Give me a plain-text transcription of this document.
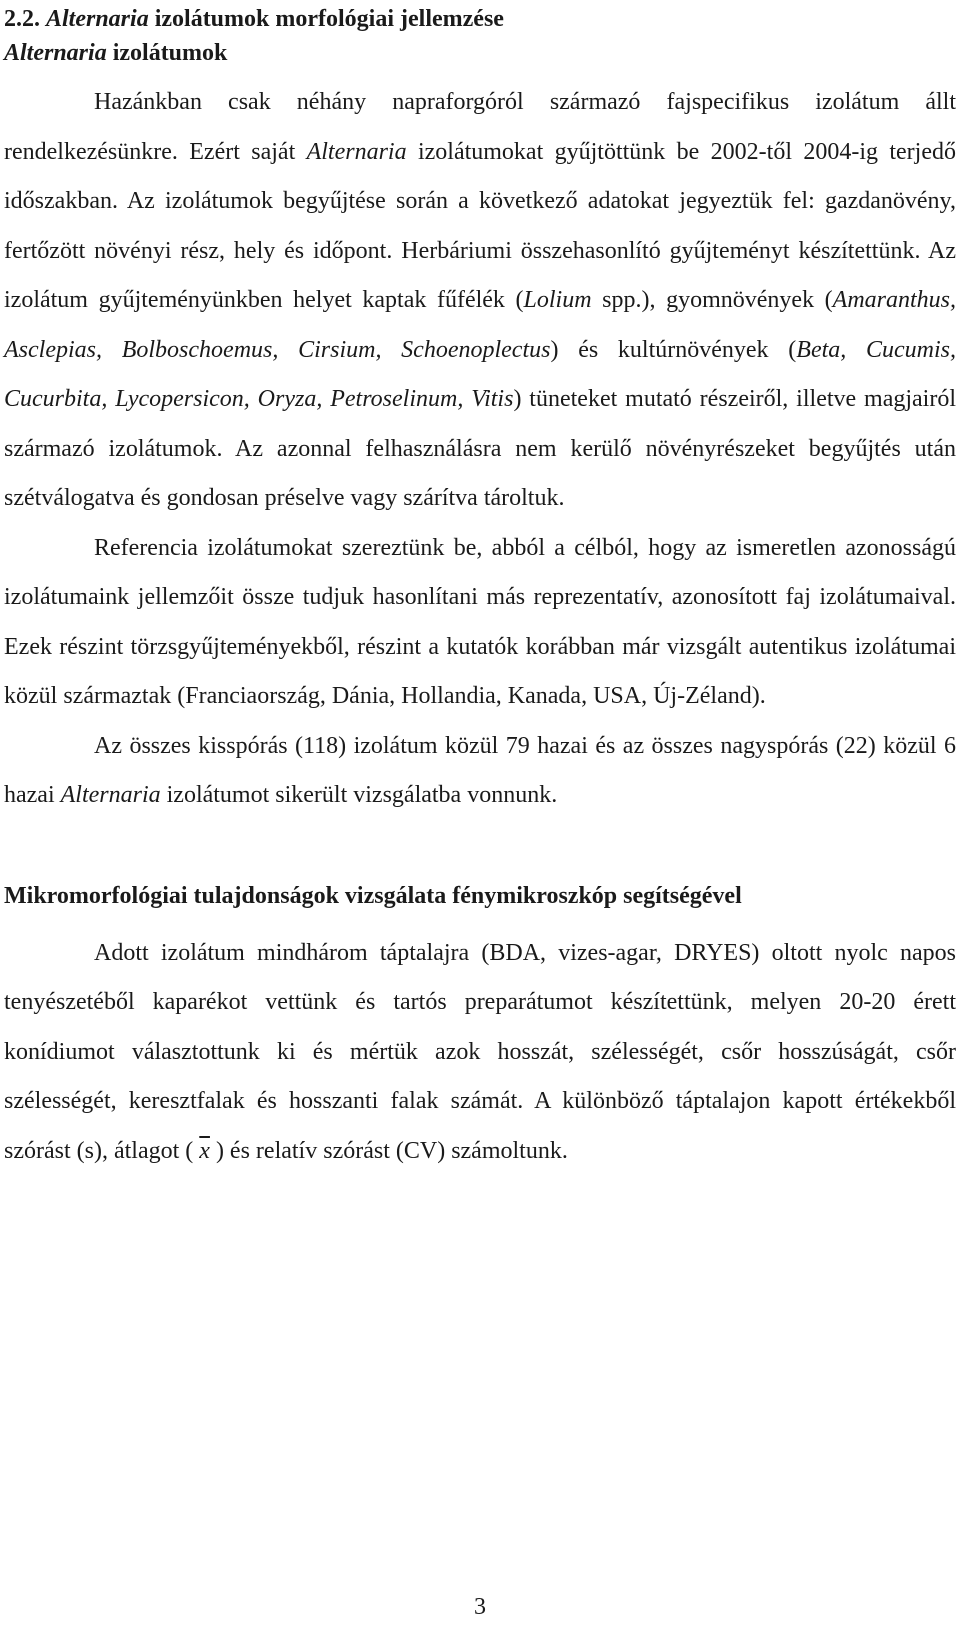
2.2. Alternaria izolátumok morfológiai jellemzése
Alternaria izolátumok

Hazánkban csak néhány napraforgóról származó fajspecifikus izolátum állt rendelkezésünkre. Ezért saját Alternaria izolátumokat gyűjtöttünk be 2002-től 2004-ig terjedő időszakban. Az izolátumok begyűjtése során a következő adatokat jegyeztük fel: gazdanövény, fertőzött növényi rész, hely és időpont. Herbáriumi összehasonlító gyűjteményt készítettünk. Az izolátum gyűjteményünkben helyet kaptak fűfélék (Lolium spp.), gyomnövények (Amaranthus, Asclepias, Bolboschoemus, Cirsium, Schoenoplectus) és kultúrnövények (Beta, Cucumis, Cucurbita, Lycopersicon, Oryza, Petroselinum, Vitis) tüneteket mutató részeiről, illetve magjairól származó izolátumok. Az azonnal felhasználásra nem kerülő növényrészeket begyűjtés után szétválogatva és gondosan préselve vagy szárítva tároltuk.

Referencia izolátumokat szereztünk be, abból a célból, hogy az ismeretlen azonosságú izolátumaink jellemzőit össze tudjuk hasonlítani más reprezentatív, azonosított faj izolátumaival. Ezek részint törzsgyűjteményekből, részint a kutatók korábban már vizsgált autentikus izolátumai közül származtak (Franciaország, Dánia, Hollandia, Kanada, USA, Új-Zéland).

Az összes kisspórás (118) izolátum közül 79 hazai és az összes nagyspórás (22) közül 6 hazai Alternaria izolátumot sikerült vizsgálatba vonnunk.

Mikromorfológiai tulajdonságok vizsgálata fénymikroszkóp segítségével

Adott izolátum mindhárom táptalajra (BDA, vizes-agar, DRYES) oltott nyolc napos tenyészetéből kaparékot vettünk és tartós preparátumot készítettünk, melyen 20-20 érett konídiumot választottunk ki és mértük azok hosszát, szélességét, csőr hosszúságát, csőr szélességét, keresztfalak és hosszanti falak számát. A különböző táptalajon kapott értékekből szórást (s), átlagot ( $\overline{x}$ ) és relatív szórást (CV) számoltunk.

3
